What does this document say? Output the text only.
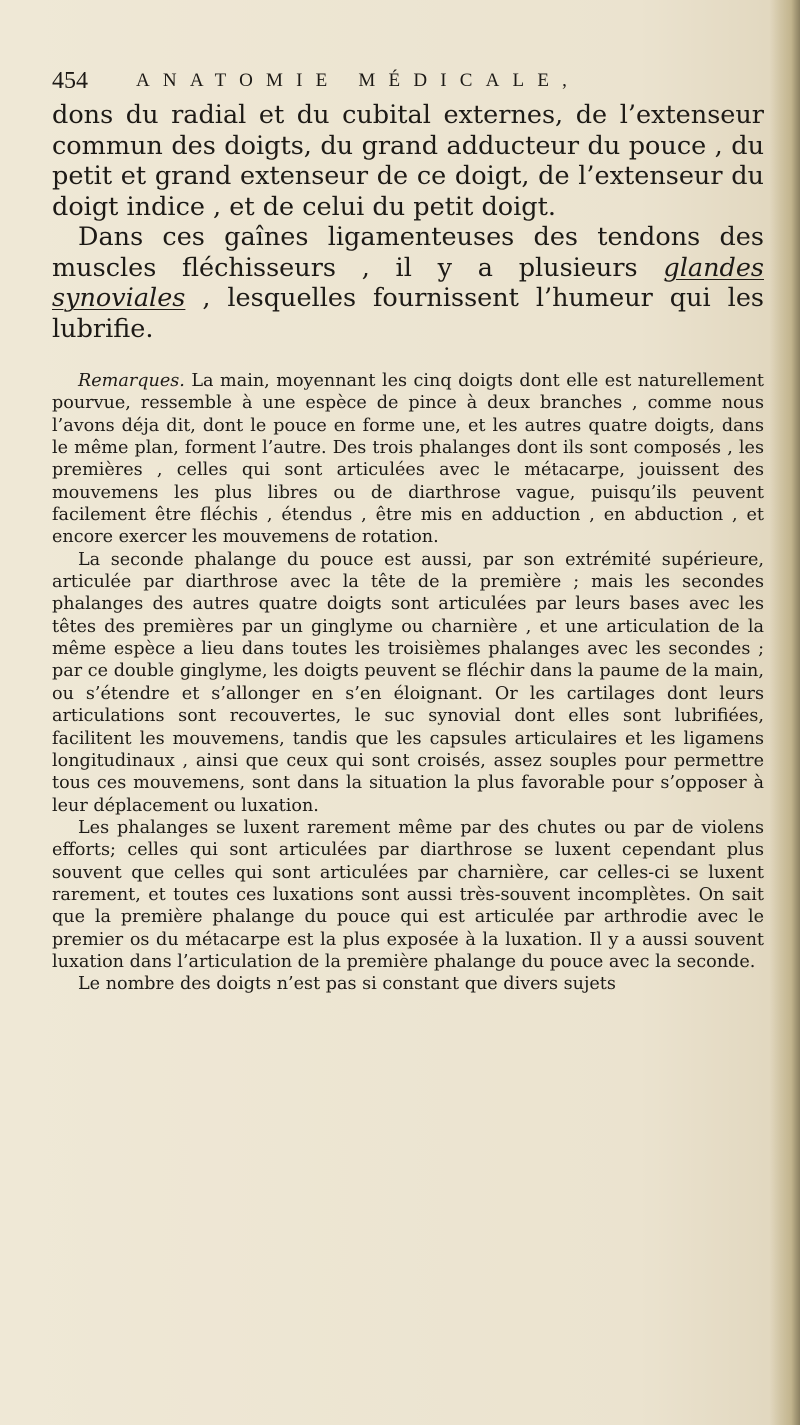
454	ANATOMIE MÉDICALE,

dons du radial et du cubital externes, de l’extenseur commun des doigts, du grand adducteur du pouce , du petit et grand extenseur de ce doigt, de l’extenseur du doigt indice , et de celui du petit doigt.

Dans ces gaînes ligamenteuses des tendons des muscles fléchisseurs , il y a plusieurs glandes synoviales , lesquelles fournissent l’humeur qui les lubrifie.

Remarques. La main, moyennant les cinq doigts dont elle est naturellement pourvue, ressemble à une espèce de pince à deux branches , comme nous l’avons déja dit, dont le pouce en forme une, et les autres quatre doigts, dans le même plan, forment l’autre. Des trois phalanges dont ils sont composés , les premières , celles qui sont articulées avec le métacarpe, jouissent des mouvemens les plus libres ou de diarthrose vague, puisqu’ils peuvent facilement être fléchis , étendus , être mis en adduction , en abduction , et encore exercer les mouvemens de rotation.

La seconde phalange du pouce est aussi, par son extrémité supérieure, articulée par diarthrose avec la tête de la première ; mais les secondes phalanges des autres quatre doigts sont articulées par leurs bases avec les têtes des premières par un ginglyme ou charnière , et une articulation de la même espèce a lieu dans toutes les troisièmes phalanges avec les secondes ; par ce double ginglyme, les doigts peuvent se fléchir dans la paume de la main, ou s’étendre et s’allonger en s’en éloignant. Or les cartilages dont leurs articulations sont recouvertes, le suc synovial dont elles sont lubrifiées, facilitent les mouvemens, tandis que les capsules articulaires et les ligamens longitudinaux , ainsi que ceux qui sont croisés, assez souples pour permettre tous ces mouvemens, sont dans la situation la plus favorable pour s’opposer à leur déplacement ou luxation.

Les phalanges se luxent rarement même par des chutes ou par de violens efforts; celles qui sont articulées par diarthrose se luxent cependant plus souvent que celles qui sont articulées par charnière, car celles-ci se luxent rarement, et toutes ces luxations sont aussi très-souvent incomplètes. On sait que la première phalange du pouce qui est articulée par arthrodie avec le premier os du métacarpe est la plus exposée à la luxation. Il y a aussi souvent luxation dans l’articulation de la première phalange du pouce avec la seconde.

Le nombre des doigts n’est pas si constant que divers sujets
